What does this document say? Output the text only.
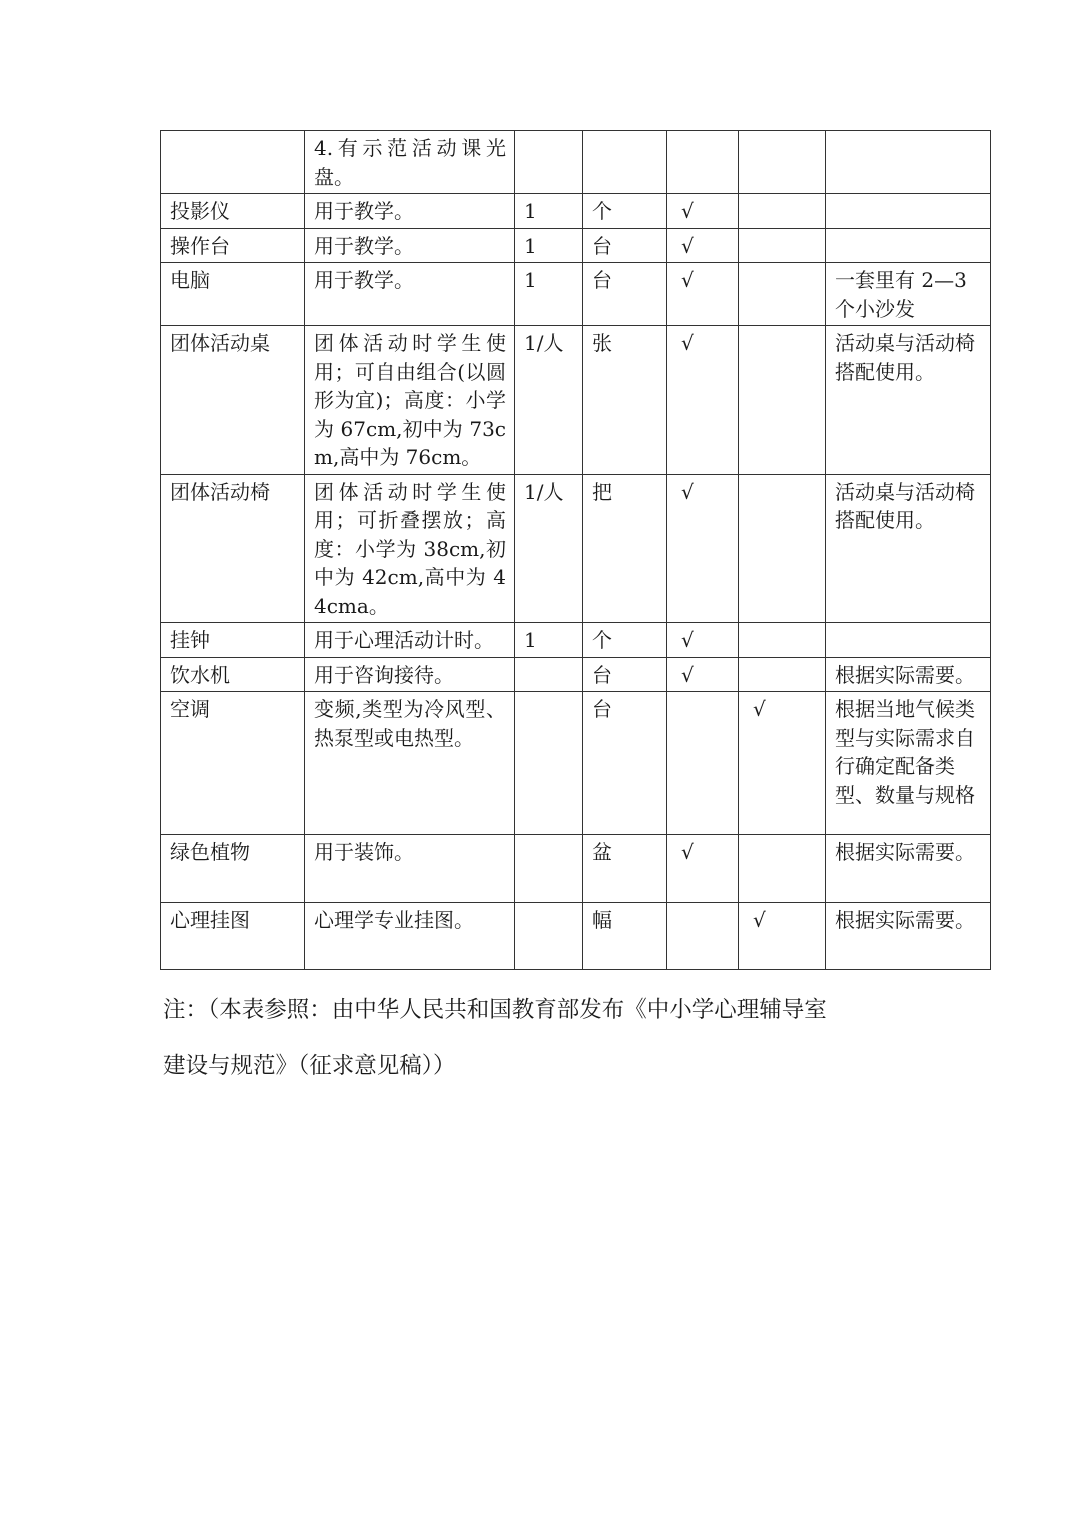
	4.有示范活动课光盘。					
投影仪	用于教学。	1	个	√		
操作台	用于教学。	1	台	√		
电脑	用于教学。	1	台	√		一套里有 2—3 个小沙发
团体活动桌	团体活动时学生使用；可自由组合(以圆形为宜)；高度：小学为 67cm,初中为 73cm,高中为 76cm。	1/人	张	√		活动桌与活动椅搭配使用。
团体活动椅	团体活动时学生使用；可折叠摆放；高度：小学为 38cm,初中为 42cm,高中为 44cma。	1/人	把	√		活动桌与活动椅搭配使用。
挂钟	用于心理活动计时。	1	个	√		
饮水机	用于咨询接待。		台	√		根据实际需要。
空调	变频,类型为冷风型、热泵型或电热型。		台		√	根据当地气候类型与实际需求自行确定配备类型、数量与规格
绿色植物	用于装饰。		盆	√		根据实际需要。
心理挂图	心理学专业挂图。		幅		√	根据实际需要。
注：（本表参照：由中华人民共和国教育部发布《中小学心理辅导室
建设与规范》（征求意见稿））
